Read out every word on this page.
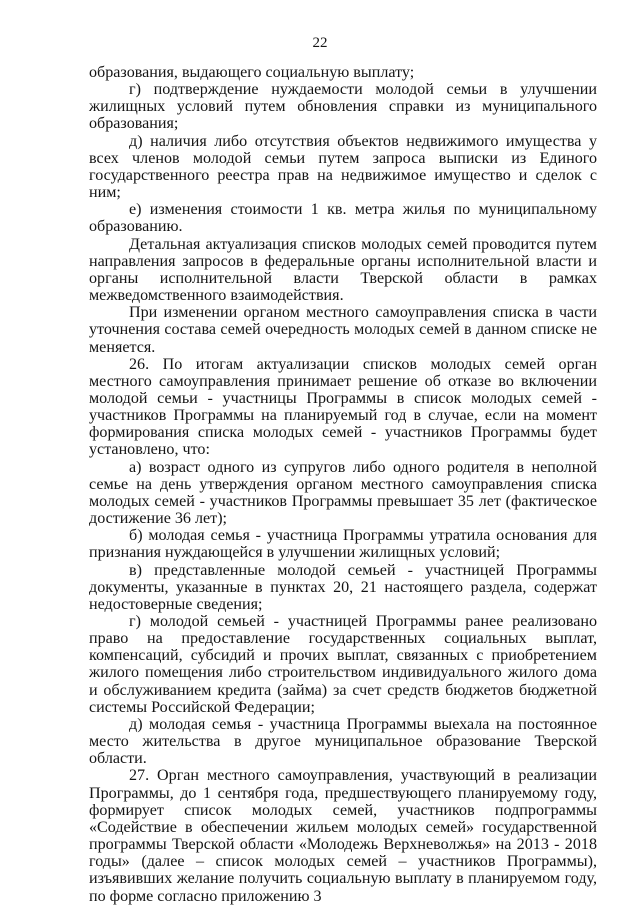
22

образования, выдающего социальную выплату;

г) подтверждение нуждаемости молодой семьи в улучшении жилищных условий путем обновления справки из муниципального образования;

д) наличия либо отсутствия объектов недвижимого имущества у всех членов молодой семьи путем запроса выписки из Единого государственного реестра прав на недвижимое имущество и сделок с ним;

е) изменения стоимости 1 кв. метра жилья по муниципальному образованию.

Детальная актуализация списков молодых семей проводится путем направления запросов в федеральные органы исполнительной власти и органы исполнительной власти Тверской области в рамках межведомственного взаимодействия.

При изменении органом местного самоуправления списка в части уточнения состава семей очередность молодых семей в данном списке не меняется.

26. По итогам актуализации списков молодых семей орган местного самоуправления принимает решение об отказе во включении молодой семьи - участницы Программы в список молодых семей - участников Программы на планируемый год в случае, если на момент формирования списка молодых семей - участников Программы будет установлено, что:

а) возраст одного из супругов либо одного родителя в неполной семье на день утверждения органом местного самоуправления списка молодых семей - участников Программы превышает 35 лет (фактическое достижение 36 лет);

б) молодая семья - участница Программы утратила основания для признания нуждающейся в улучшении жилищных условий;

в) представленные молодой семьей - участницей Программы документы, указанные в пунктах 20, 21 настоящего раздела, содержат недостоверные сведения;

г) молодой семьей - участницей Программы ранее реализовано право на предоставление государственных социальных выплат, компенсаций, субсидий и прочих выплат, связанных с приобретением жилого помещения либо строительством индивидуального жилого дома и обслуживанием кредита (займа) за счет средств бюджетов бюджетной системы Российской Федерации;

д) молодая семья - участница Программы выехала на постоянное место жительства в другое муниципальное образование Тверской области.

27. Орган местного самоуправления, участвующий в реализации Программы, до 1 сентября года, предшествующего планируемому году, формирует список молодых семей, участников подпрограммы «Содействие в обеспечении жильем молодых семей» государственной программы Тверской области «Молодежь Верхневолжья» на 2013 - 2018 годы» (далее – список молодых семей – участников Программы), изъявивших желание получить социальную выплату в планируемом году, по форме согласно приложению 3
